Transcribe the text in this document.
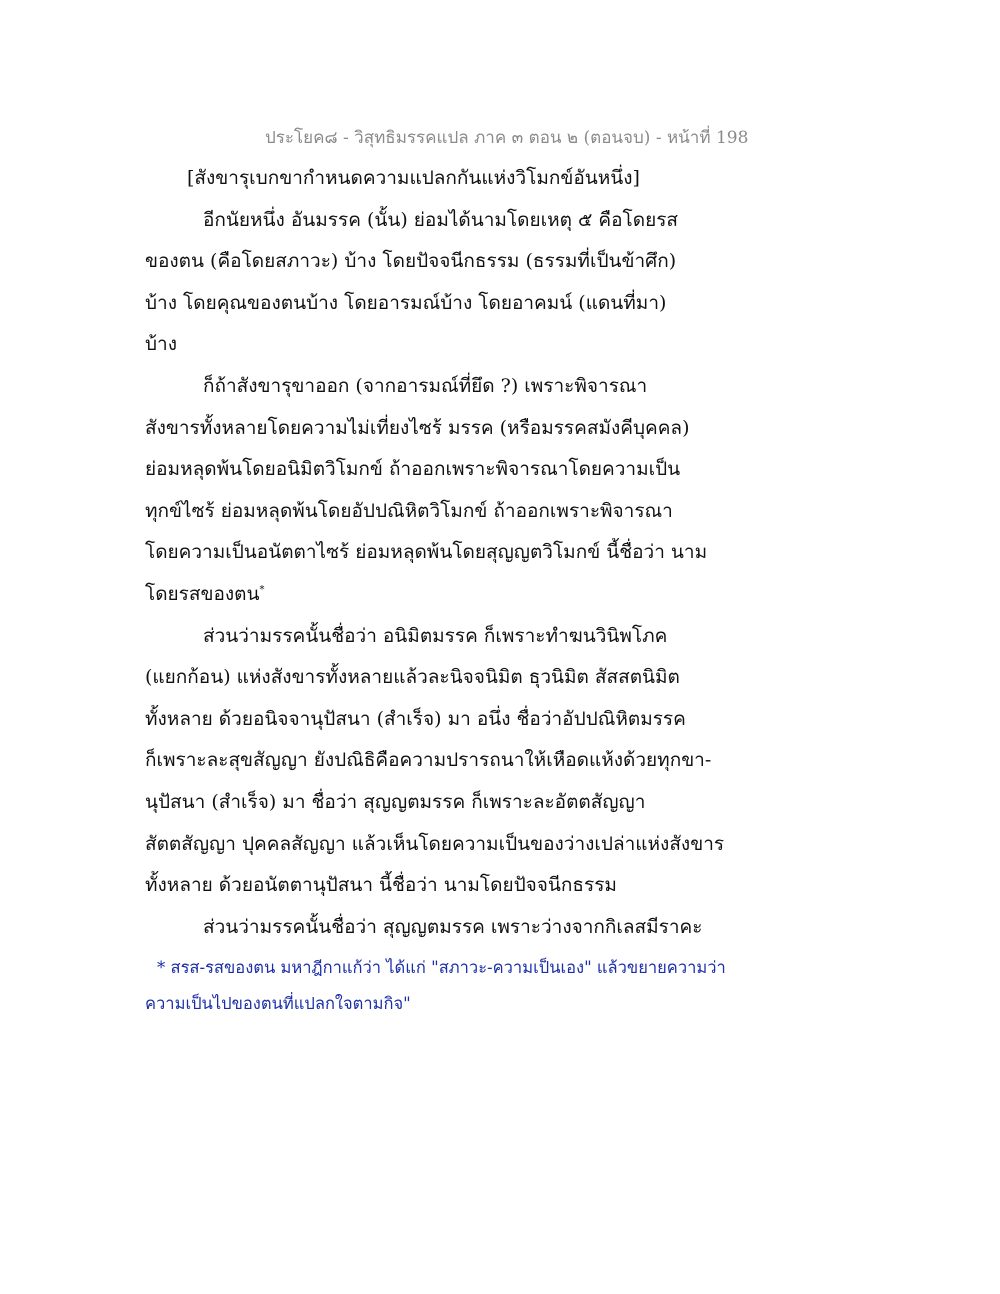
ประโยค๘ - วิสุทธิมรรคแปล ภาค ๓ ตอน ๒ (ตอนจบ) - หน้าที่ 198
[สังขารุเบกขากำหนดความแปลกกันแห่งวิโมกข์อันหนึ่ง]
อีกนัยหนึ่ง อันมรรค (นั้น) ย่อมได้นามโดยเหตุ ๕ คือโดยรส
ของตน (คือโดยสภาวะ) บ้าง โดยปัจจนีกธรรม (ธรรมที่เป็นข้าศึก)
บ้าง โดยคุณของตนบ้าง โดยอารมณ์บ้าง โดยอาคมน์ (แดนที่มา)
บ้าง
ก็ถ้าสังขารุขาออก (จากอารมณ์ที่ยึด ?) เพราะพิจารณา
สังขารทั้งหลายโดยความไม่เที่ยงไซร้ มรรค (หรือมรรคสมังคีบุคคล)
ย่อมหลุดพ้นโดยอนิมิตวิโมกข์ ถ้าออกเพราะพิจารณาโดยความเป็น
ทุกข์ไซร้ ย่อมหลุดพ้นโดยอัปปณิหิตวิโมกข์ ถ้าออกเพราะพิจารณา
โดยความเป็นอนัตตาไซร้ ย่อมหลุดพ้นโดยสุญญตวิโมกข์ นี้ชื่อว่า นาม
โดยรสของตน*
ส่วนว่ามรรคนั้นชื่อว่า อนิมิตมรรค ก็เพราะทำฆนวินิพโภค
(แยกก้อน) แห่งสังขารทั้งหลายแล้วละนิจจนิมิต ธุวนิมิต สัสสตนิมิต
ทั้งหลาย ด้วยอนิจจานุปัสนา (สำเร็จ) มา อนึ่ง ชื่อว่าอัปปณิหิตมรรค
ก็เพราะละสุขสัญญา ยังปณิธิคือความปรารถนาให้เหือดแห้งด้วยทุกขา-
นุปัสนา (สำเร็จ) มา ชื่อว่า สุญญตมรรค ก็เพราะละอัตตสัญญา
สัตตสัญญา ปุคคลสัญญา แล้วเห็นโดยความเป็นของว่างเปล่าแห่งสังขาร
ทั้งหลาย ด้วยอนัตตานุปัสนา นี้ชื่อว่า นามโดยปัจจนีกธรรม
ส่วนว่ามรรคนั้นชื่อว่า สุญญตมรรค เพราะว่างจากกิเลสมีราคะ
* สรส-รสของตน มหาฎีกาแก้ว่า ได้แก่ "สภาวะ-ความเป็นเอง" แล้วขยายความว่า
ความเป็นไปของตนที่แปลกใจตามกิจ"
